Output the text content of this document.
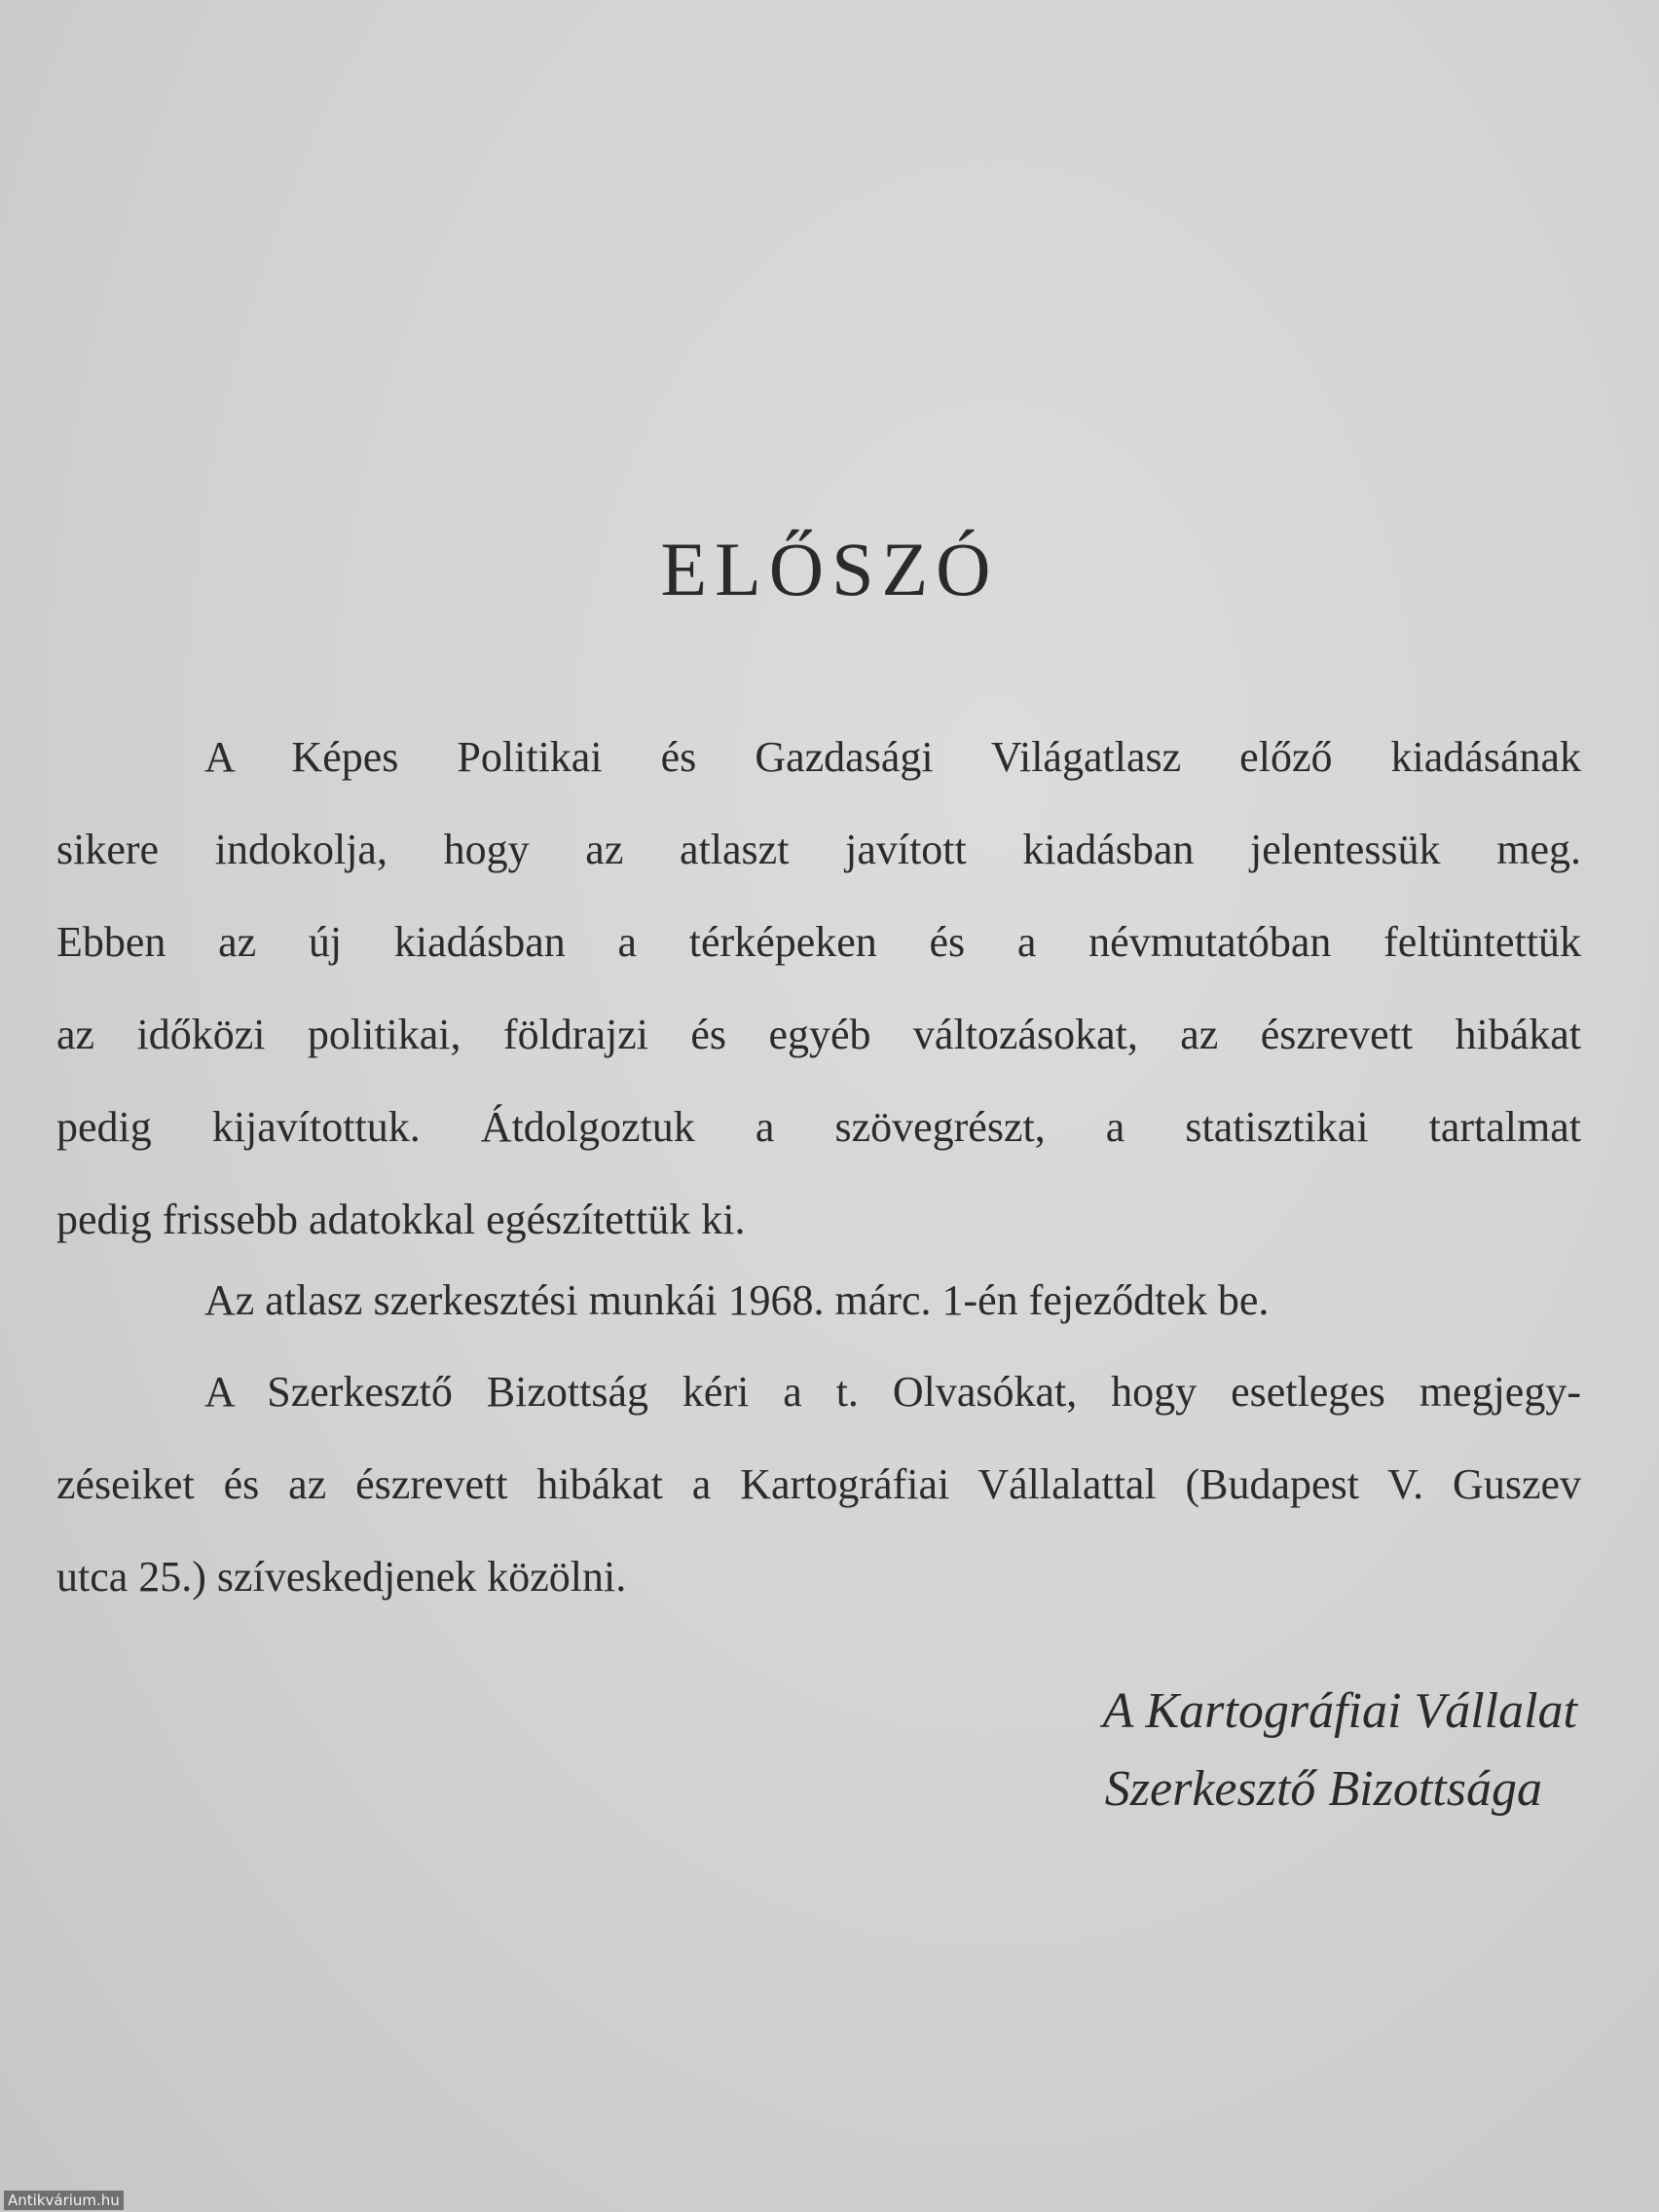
ELŐSZÓ
A Képes Politikai és Gazdasági Világatlasz előző kiadásának
sikere indokolja, hogy az atlaszt javított kiadásban jelentessük meg.
Ebben az új kiadásban a térképeken és a névmutatóban feltüntettük
az időközi politikai, földrajzi és egyéb változásokat, az észrevett hibákat
pedig kijavítottuk. Átdolgoztuk a szövegrészt, a statisztikai tartalmat
pedig frissebb adatokkal egészítettük ki.
Az atlasz szerkesztési munkái 1968. márc. 1-én fejeződtek be.
A Szerkesztő Bizottság kéri a t. Olvasókat, hogy esetleges megjegy-
zéseiket és az észrevett hibákat a Kartográfiai Vállalattal (Budapest V. Guszev
utca 25.) szíveskedjenek közölni.
A Kartográfiai Vállalat
Szerkesztő Bizottsága
Antikvárium.hu
